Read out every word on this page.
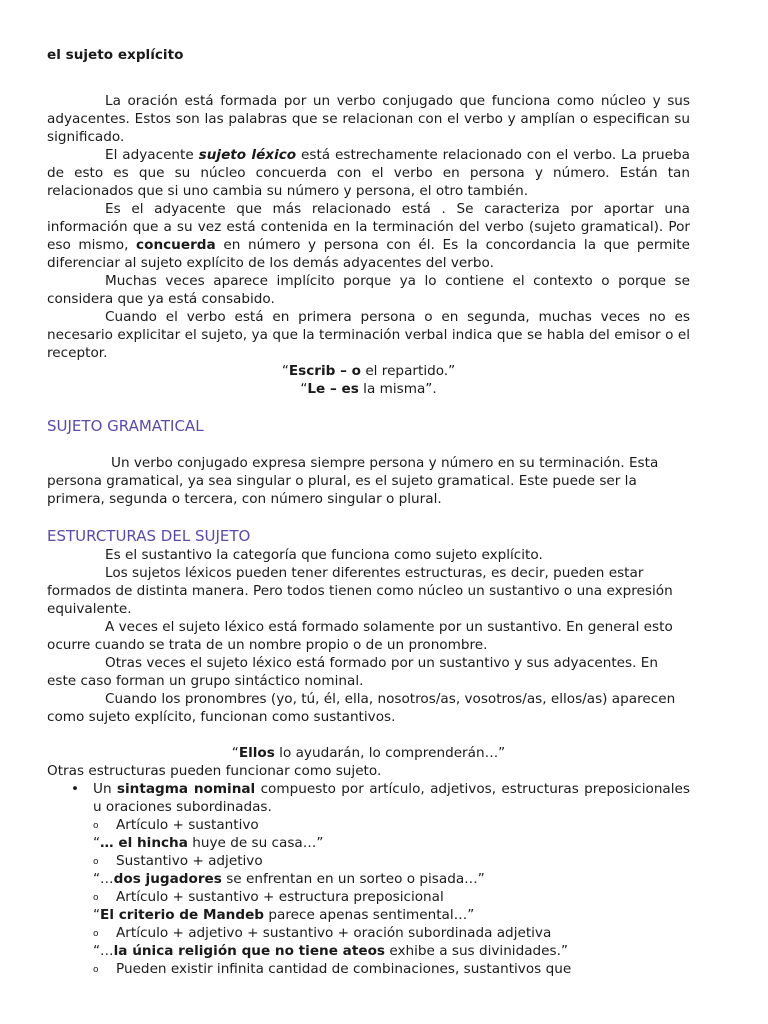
el sujeto explícito

La oración está formada por un verbo conjugado que funciona como núcleo y sus adyacentes. Estos son las palabras que se relacionan con el verbo y amplían o especifican su significado.

El adyacente sujeto léxico está estrechamente relacionado con el verbo. La prueba de esto es que su núcleo concuerda con el verbo en persona y número. Están tan relacionados que si uno cambia su número y persona, el otro también.

Es el adyacente que más relacionado está . Se caracteriza por aportar una información que a su vez está contenida en la terminación del verbo (sujeto gramatical). Por eso mismo, concuerda en número y persona con él. Es la concordancia la que permite diferenciar al sujeto explícito de los demás adyacentes del verbo.

Muchas veces aparece implícito porque ya lo contiene el contexto o porque se considera que ya está consabido.

Cuando el verbo está en primera persona o en segunda, muchas veces no es necesario explicitar el sujeto, ya que la terminación verbal indica que se habla del emisor o el receptor.

“Escrib – o el repartido.”

“Le – es la misma”.

SUJETO GRAMATICAL

Un verbo conjugado expresa siempre persona y número en su terminación. Esta persona gramatical, ya sea singular o plural, es el sujeto gramatical. Este puede ser la primera, segunda o tercera, con número singular o plural.

ESTURCTURAS DEL SUJETO

Es el sustantivo la categoría que funciona como sujeto explícito.

Los sujetos léxicos pueden tener diferentes estructuras, es decir, pueden estar formados de distinta manera. Pero todos tienen como núcleo un sustantivo o una expresión equivalente.

A veces el sujeto léxico está formado solamente por un sustantivo. En general esto ocurre cuando se trata de un nombre propio o de un pronombre.

Otras veces el sujeto léxico está formado por un sustantivo y sus adyacentes. En este caso forman un grupo sintáctico nominal.

Cuando los pronombres (yo, tú, él, ella, nosotros/as, vosotros/as, ellos/as) aparecen como sujeto explícito, funcionan como sustantivos.

“Ellos lo ayudarán, lo comprenderán…”

Otras estructuras pueden funcionar como sujeto.

• Un sintagma nominal compuesto por artículo, adjetivos, estructuras preposicionales u oraciones subordinadas.
o Artículo + sustantivo
“… el hincha huye de su casa…”
o Sustantivo + adjetivo
“…dos jugadores se enfrentan en un sorteo o pisada…”
o Artículo + sustantivo + estructura preposicional
“El criterio de Mandeb parece apenas sentimental…”
o Artículo + adjetivo + sustantivo + oración subordinada adjetiva
“…la única religión que no tiene ateos exhibe a sus divinidades.”
o Pueden existir infinita cantidad de combinaciones, sustantivos que
